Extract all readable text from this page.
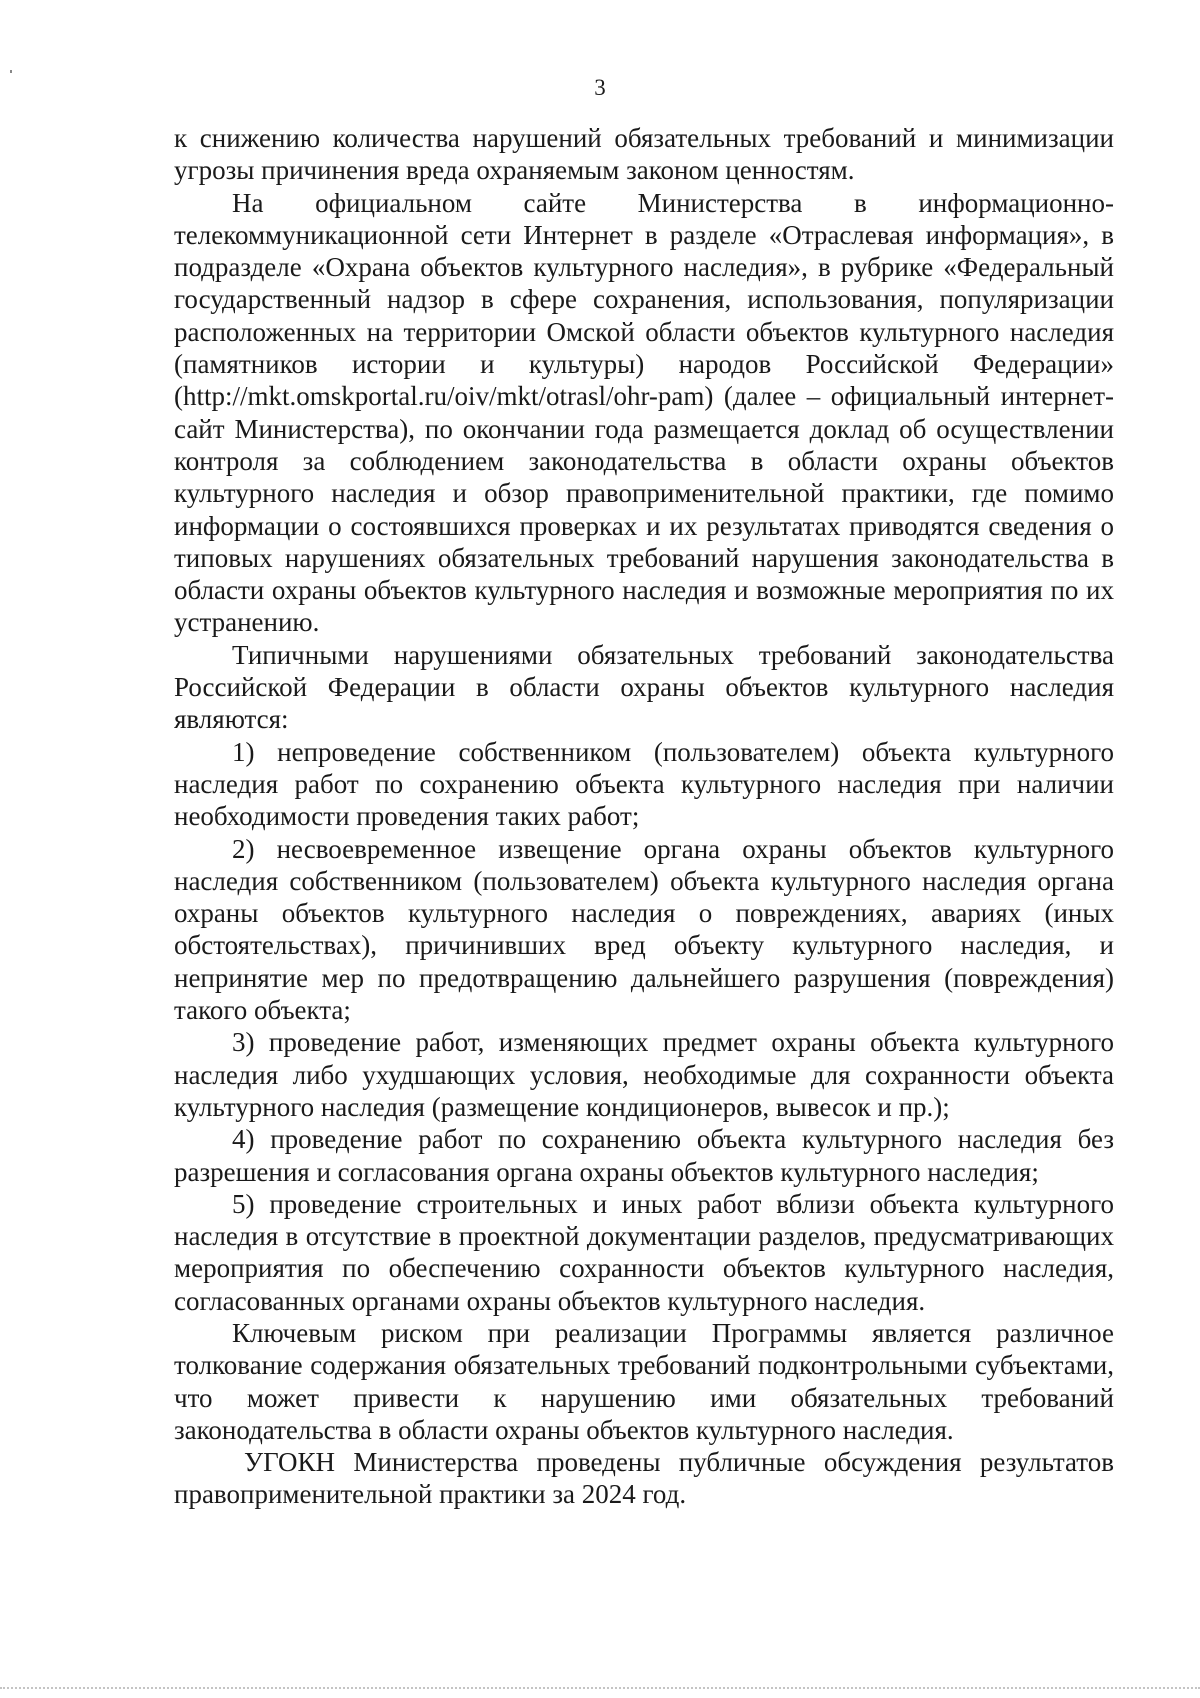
3

к снижению количества нарушений обязательных требований и минимизации угрозы причинения вреда охраняемым законом ценностям.

На официальном сайте Министерства в информационно-телекоммуникационной сети Интернет в разделе «Отраслевая информация», в подразделе «Охрана объектов культурного наследия», в рубрике «Федеральный государственный надзор в сфере сохранения, использования, популяризации расположенных на территории Омской области объектов культурного наследия (памятников истории и культуры) народов Российской Федерации» (http://mkt.omskportal.ru/oiv/mkt/otrasl/ohr-pam) (далее – официальный интернет-сайт Министерства), по окончании года размещается доклад об осуществлении контроля за соблюдением законодательства в области охраны объектов культурного наследия и обзор правоприменительной практики, где помимо информации о состоявшихся проверках и их результатах приводятся сведения о типовых нарушениях обязательных требований нарушения законодательства в области охраны объектов культурного наследия и возможные мероприятия по их устранению.

Типичными нарушениями обязательных требований законодательства Российской Федерации в области охраны объектов культурного наследия являются:

1) непроведение собственником (пользователем) объекта культурного наследия работ по сохранению объекта культурного наследия при наличии необходимости проведения таких работ;

2) несвоевременное извещение органа охраны объектов культурного наследия собственником (пользователем) объекта культурного наследия органа охраны объектов культурного наследия о повреждениях, авариях (иных обстоятельствах), причинивших вред объекту культурного наследия, и непринятие мер по предотвращению дальнейшего разрушения (повреждения) такого объекта;

3) проведение работ, изменяющих предмет охраны объекта культурного наследия либо ухудшающих условия, необходимые для сохранности объекта культурного наследия (размещение кондиционеров, вывесок и пр.);

4) проведение работ по сохранению объекта культурного наследия без разрешения и согласования органа охраны объектов культурного наследия;

5) проведение строительных и иных работ вблизи объекта культурного наследия в отсутствие в проектной документации разделов, предусматривающих мероприятия по обеспечению сохранности объектов культурного наследия, согласованных органами охраны объектов культурного наследия.

Ключевым риском при реализации Программы является различное толкование содержания обязательных требований подконтрольными субъектами, что может привести к нарушению ими обязательных требований законодательства в области охраны объектов культурного наследия.

УГОКН Министерства проведены публичные обсуждения результатов правоприменительной практики за 2024 год.
